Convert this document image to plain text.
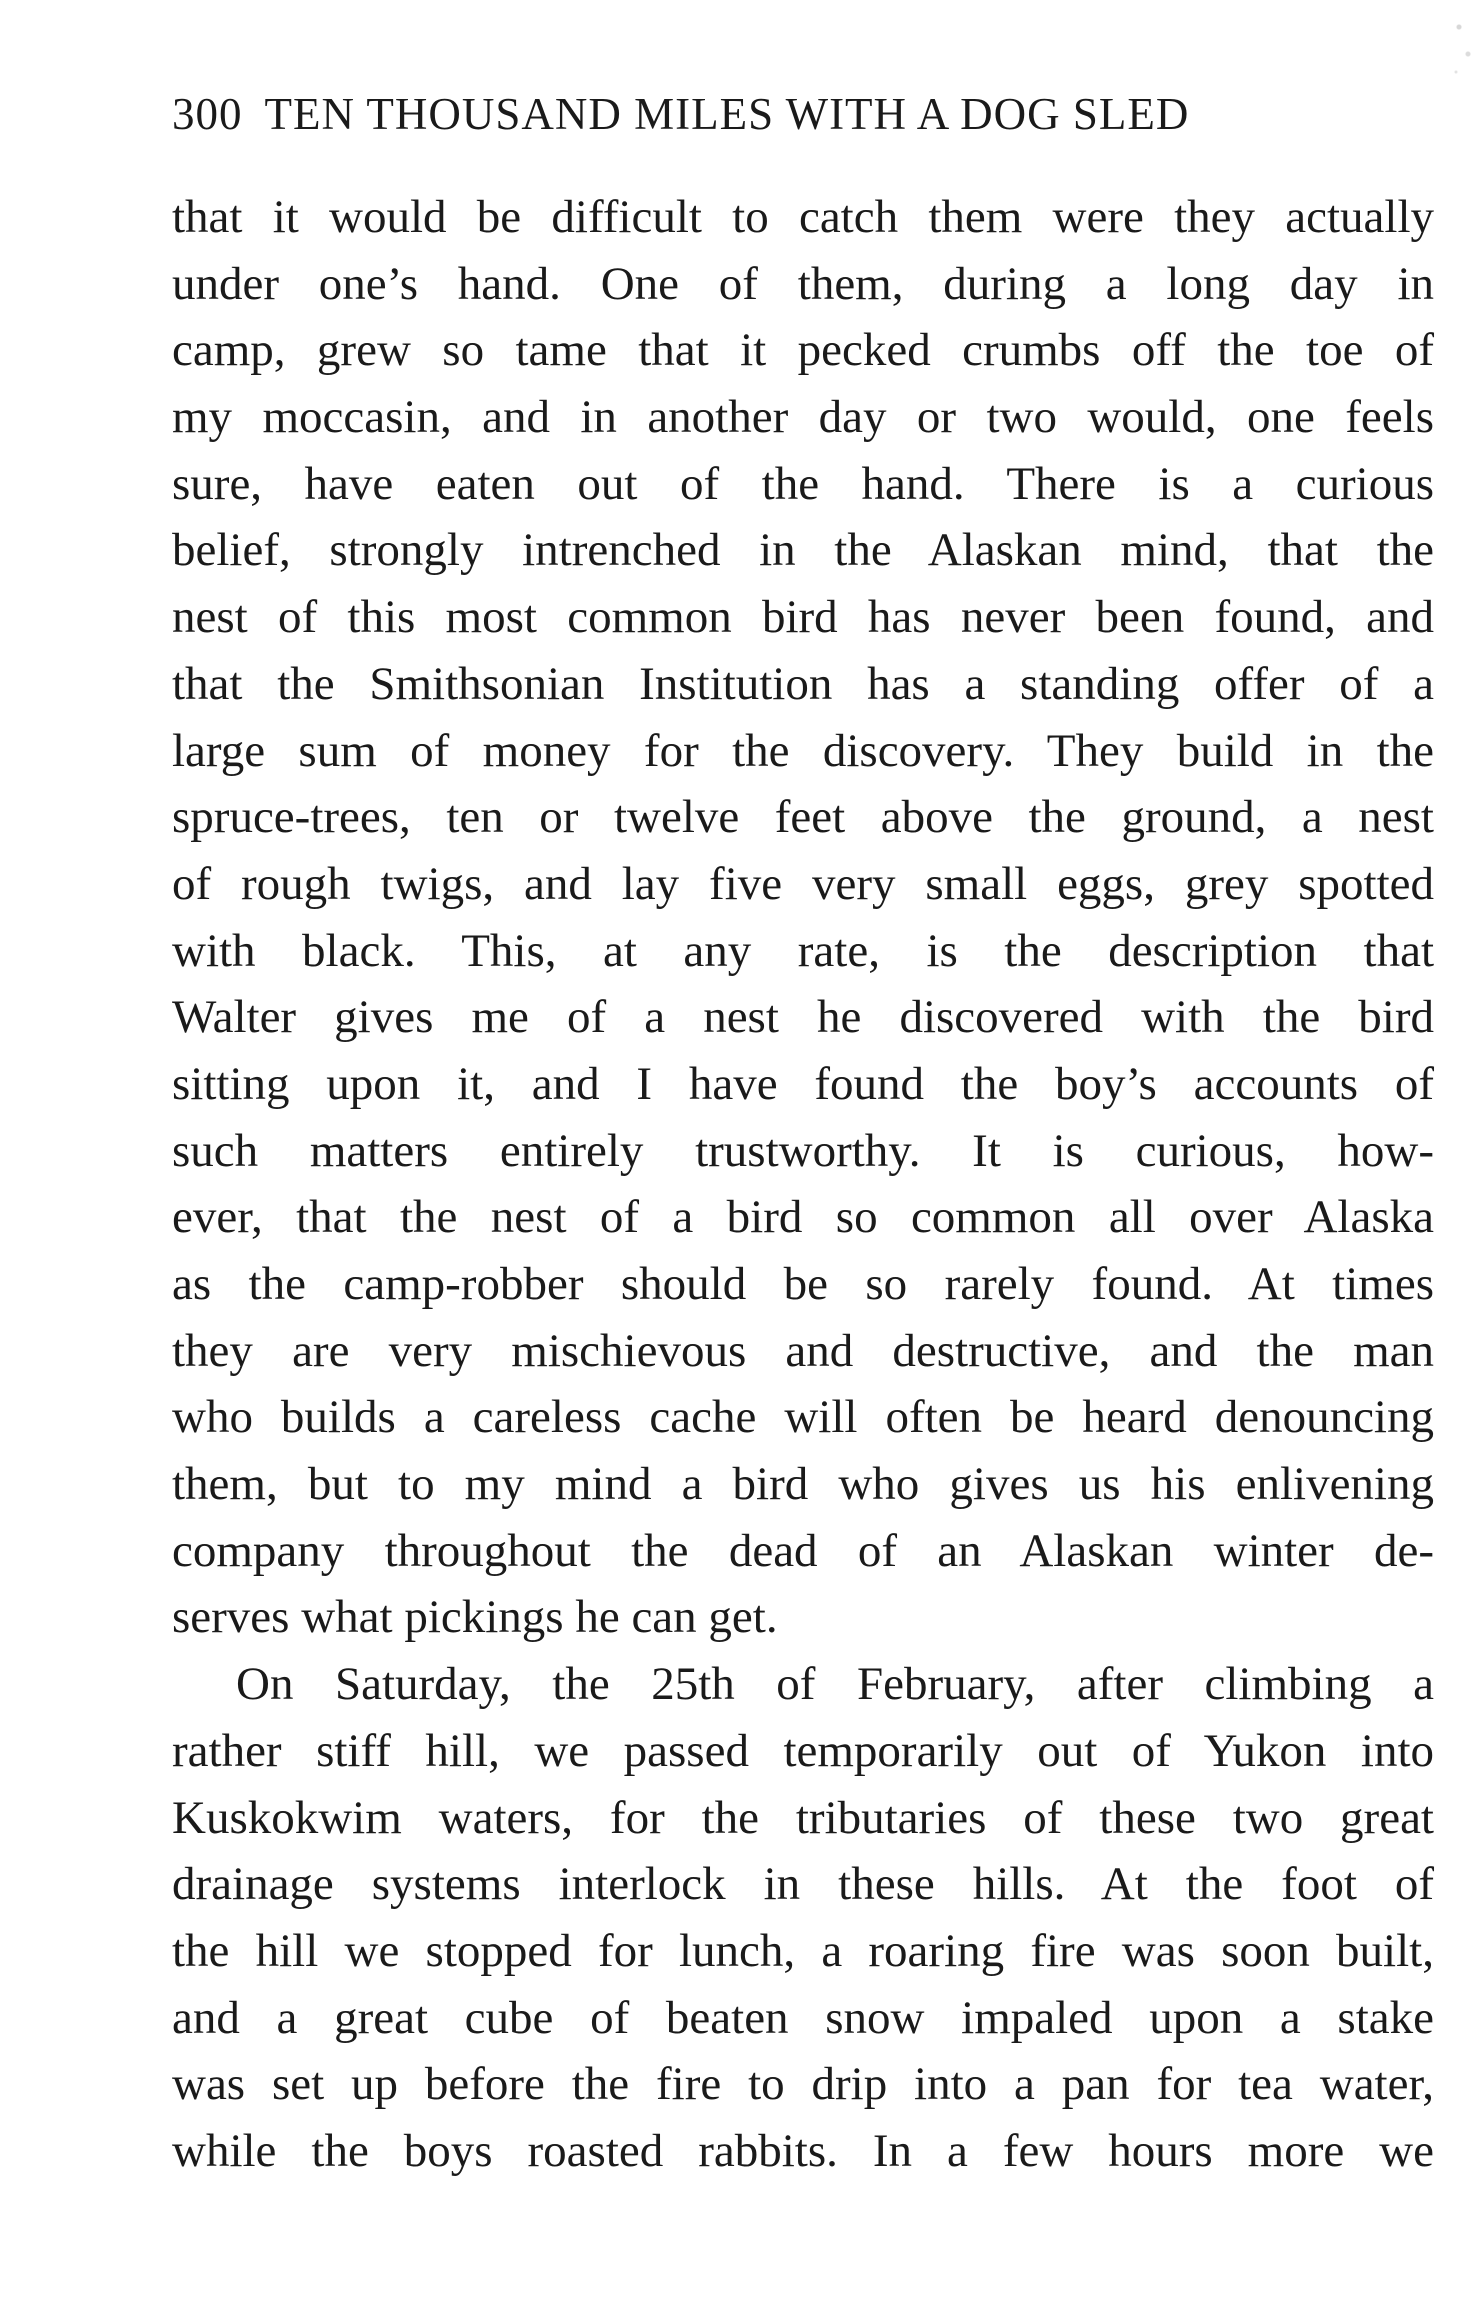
300 TEN THOUSAND MILES WITH A DOG SLED
that it would be difficult to catch them were they actually
under one’s hand. One of them, during a long day in
camp, grew so tame that it pecked crumbs off the toe of
my moccasin, and in another day or two would, one feels
sure, have eaten out of the hand. There is a curious
belief, strongly intrenched in the Alaskan mind, that the
nest of this most common bird has never been found, and
that the Smithsonian Institution has a standing offer of a
large sum of money for the discovery. They build in the
spruce-trees, ten or twelve feet above the ground, a nest
of rough twigs, and lay five very small eggs, grey spotted
with black. This, at any rate, is the description that
Walter gives me of a nest he discovered with the bird
sitting upon it, and I have found the boy’s accounts of
such matters entirely trustworthy. It is curious, how-
ever, that the nest of a bird so common all over Alaska
as the camp-robber should be so rarely found. At times
they are very mischievous and destructive, and the man
who builds a careless cache will often be heard denouncing
them, but to my mind a bird who gives us his enlivening
company throughout the dead of an Alaskan winter de-
serves what pickings he can get.
On Saturday, the 25th of February, after climbing a
rather stiff hill, we passed temporarily out of Yukon into
Kuskokwim waters, for the tributaries of these two great
drainage systems interlock in these hills. At the foot of
the hill we stopped for lunch, a roaring fire was soon built,
and a great cube of beaten snow impaled upon a stake
was set up before the fire to drip into a pan for tea water,
while the boys roasted rabbits. In a few hours more we
